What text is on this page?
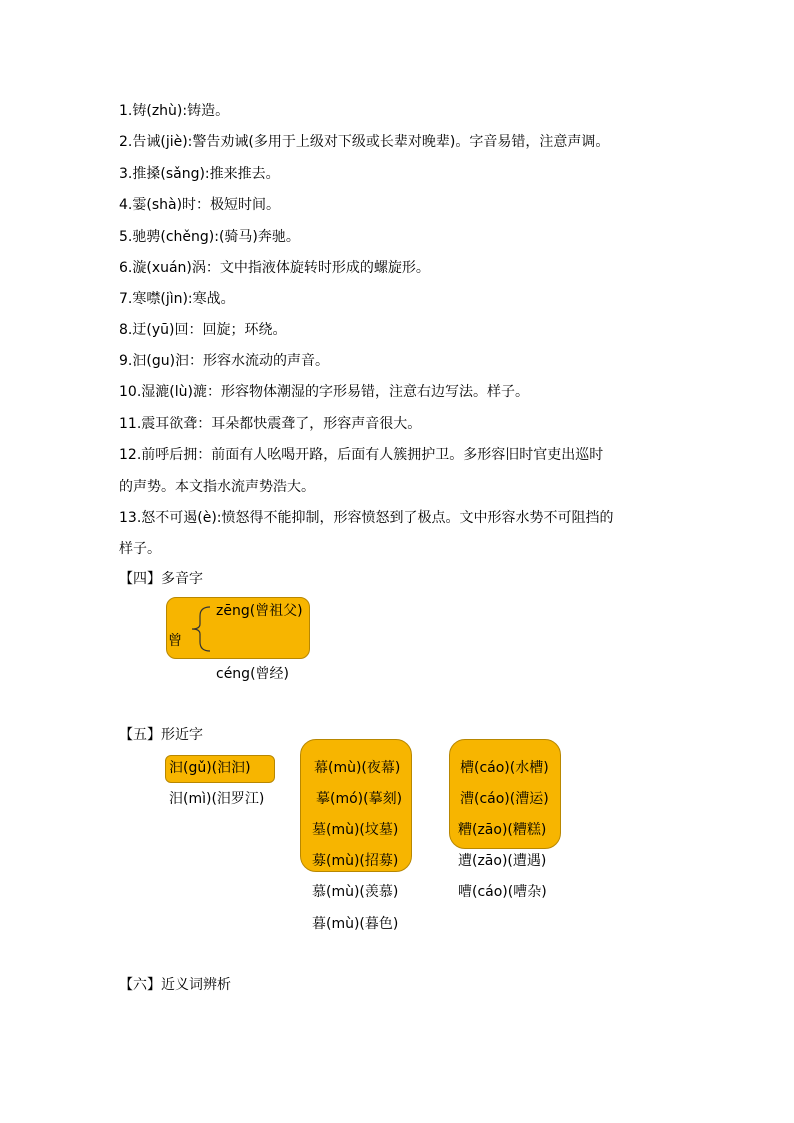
1.铸(zhù):铸造。
2.告诫(jiè):警告劝诫(多用于上级对下级或长辈对晚辈)。字音易错，注意声调。
3.推搡(sǎng):推来推去。
4.霎(shà)时：极短时间。
5.驰骋(chěng):(骑马)奔驰。
6.漩(xuán)涡：文中指液体旋转时形成的螺旋形。
7.寒噤(jìn):寒战。
8.迂(yū)回：回旋；环绕。
9.汩(gu)汩：形容水流动的声音。
10.湿漉(lù)漉：形容物体潮湿的字形易错，注意右边写法。样子。
11.震耳欲聋：耳朵都快震聋了，形容声音很大。
12.前呼后拥：前面有人吆喝开路，后面有人簇拥护卫。多形容旧时官吏出巡时
的声势。本文指水流声势浩大。
13.怒不可遏(è):愤怒得不能抑制，形容愤怒到了极点。文中形容水势不可阻挡的
样子。
【四】多音字
曾
zēng(曾祖父)
céng(曾经)
【五】形近字
汩(gǔ)(汩汩)
汨(mì)(汨罗江)
幕(mù)(夜幕)
摹(mó)(摹刻)
墓(mù)(坟墓)
募(mù)(招募)
慕(mù)(羡慕)
暮(mù)(暮色)
槽(cáo)(水槽)
漕(cáo)(漕运)
糟(zāo)(糟糕)
遭(zāo)(遭遇)
嘈(cáo)(嘈杂)
【六】近义词辨析
